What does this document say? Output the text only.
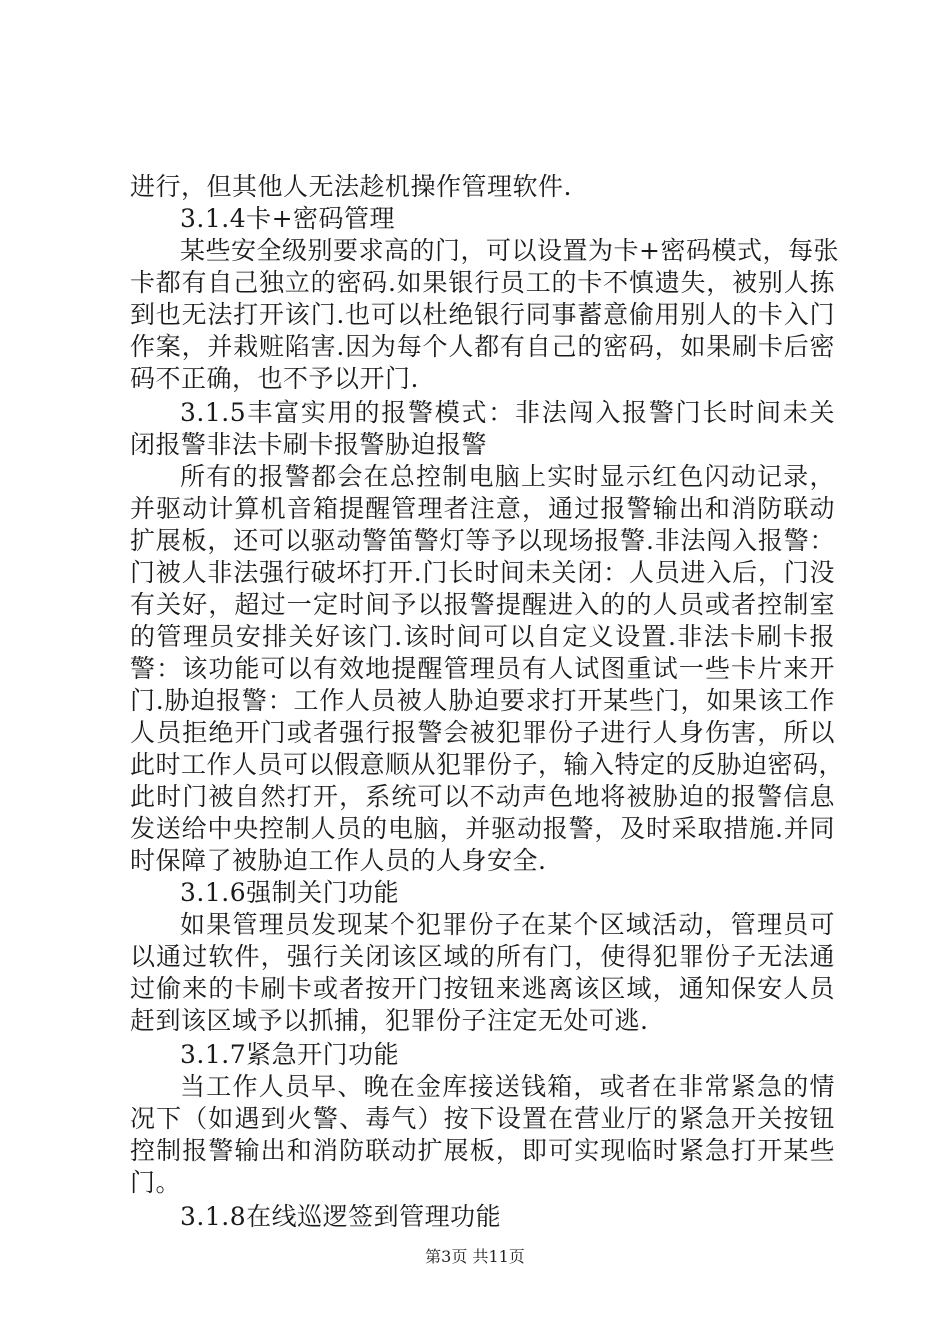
进行，但其他人无法趁机操作管理软件.
3.1.4卡+密码管理
某些安全级别要求高的门，可以设置为卡+密码模式，每张
卡都有自己独立的密码.如果银行员工的卡不慎遗失，被别人拣
到也无法打开该门.也可以杜绝银行同事蓄意偷用别人的卡入门
作案，并栽赃陷害.因为每个人都有自己的密码，如果刷卡后密
码不正确，也不予以开门.
3.1.5丰富实用的报警模式：非法闯入报警门长时间未关
闭报警非法卡刷卡报警胁迫报警
所有的报警都会在总控制电脑上实时显示红色闪动记录，
并驱动计算机音箱提醒管理者注意，通过报警输出和消防联动
扩展板，还可以驱动警笛警灯等予以现场报警.非法闯入报警：
门被人非法强行破坏打开.门长时间未关闭：人员进入后，门没
有关好，超过一定时间予以报警提醒进入的的人员或者控制室
的管理员安排关好该门.该时间可以自定义设置.非法卡刷卡报
警：该功能可以有效地提醒管理员有人试图重试一些卡片来开
门.胁迫报警：工作人员被人胁迫要求打开某些门，如果该工作
人员拒绝开门或者强行报警会被犯罪份子进行人身伤害，所以
此时工作人员可以假意顺从犯罪份子，输入特定的反胁迫密码，
此时门被自然打开，系统可以不动声色地将被胁迫的报警信息
发送给中央控制人员的电脑，并驱动报警，及时采取措施.并同
时保障了被胁迫工作人员的人身安全.
3.1.6强制关门功能
如果管理员发现某个犯罪份子在某个区域活动，管理员可
以通过软件，强行关闭该区域的所有门，使得犯罪份子无法通
过偷来的卡刷卡或者按开门按钮来逃离该区域，通知保安人员
赶到该区域予以抓捕，犯罪份子注定无处可逃.
3.1.7紧急开门功能
当工作人员早、晚在金库接送钱箱，或者在非常紧急的情
况下（如遇到火警、毒气）按下设置在营业厅的紧急开关按钮
控制报警输出和消防联动扩展板，即可实现临时紧急打开某些
门。
3.1.8在线巡逻签到管理功能
第3页 共11页
